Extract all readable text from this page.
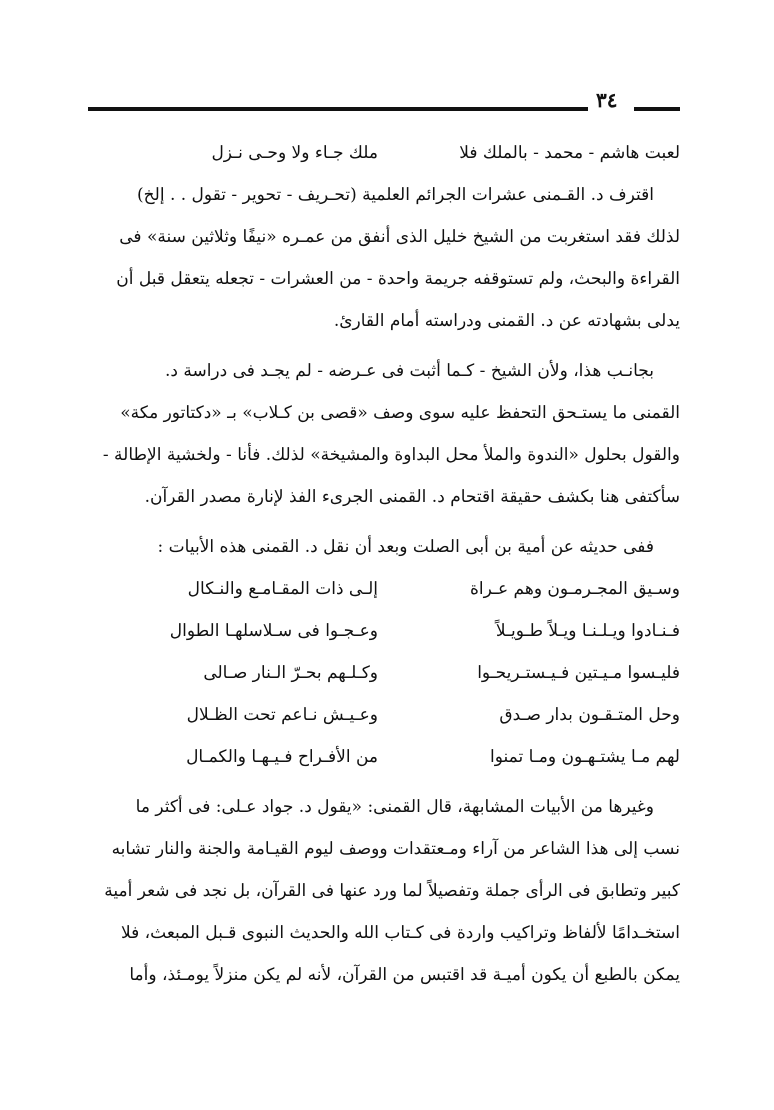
٣٤
لعبت هاشم - محمد - بالملك فلا
ملك جـاء ولا وحـى نـزل
اقترف د. القـمنى عشرات الجرائم العلمية (تحـريف - تحوير - تقول . . إلخ)
لذلك فقد استغربت من الشيخ خليل الذى أنفق من عمـره «نيفًا وثلاثين سنة» فى
القراءة والبحث، ولم تستوقفه جريمة واحدة - من العشرات - تجعله يتعقل قبل أن
يدلى بشهادته عن د. القمنى ودراسته أمام القارئ.
بجانـب هذا، ولأن الشيخ - كـما أثبت فى عـرضه - لم يجـد فى دراسة د.
القمنى ما يستـحق التحفظ عليه سوى وصف «قصى بن كـلاب» بـ «دكتاتور مكة»
والقول بحلول «الندوة والملأ محل البداوة والمشيخة» لذلك. فأنا - ولخشية الإطالة -
سأكتفى هنا بكشف حقيقة اقتحام د. القمنى الجرىء الفذ لإنارة مصدر القرآن.
ففى حديثه عن أمية بن أبى الصلت وبعد أن نقل د. القمنى هذه الأبيات :
وسـيق المجـرمـون وهم عـراة
إلـى ذات المقـامـع والنـكال
فـنـادوا ويـلـنـا ويـلاً طـويـلاً
وعـجـوا فى سـلاسلهـا الطوال
فليـسوا مـيـتين فـيـستـريحـوا
وكـلـهم بحـرّ الـنار صـالى
وحل المتـقـون بدار صـدق
وعـيـش نـاعم تحت الظـلال
لهم مـا يشتـهـون ومـا تمنوا
من الأفـراح فـيـهـا والكمـال
وغيرها من الأبيات المشابهة، قال القمنى: «يقول د. جواد عـلى: فى أكثر ما
نسب إلى هذا الشاعر من آراء ومـعتقدات ووصف ليوم القيـامة والجنة والنار تشابه
كبير وتطابق فى الرأى جملة وتفصيلاً لما ورد عنها فى القرآن، بل نجد فى شعر أمية
استخـدامًا لألفاظ وتراكيب واردة فى كـتاب الله والحديث النبوى قـبل المبعث، فلا
يمكن بالطبع أن يكون أميـة قد اقتبس من القرآن، لأنه لم يكن منزلاً يومـئذ، وأما
